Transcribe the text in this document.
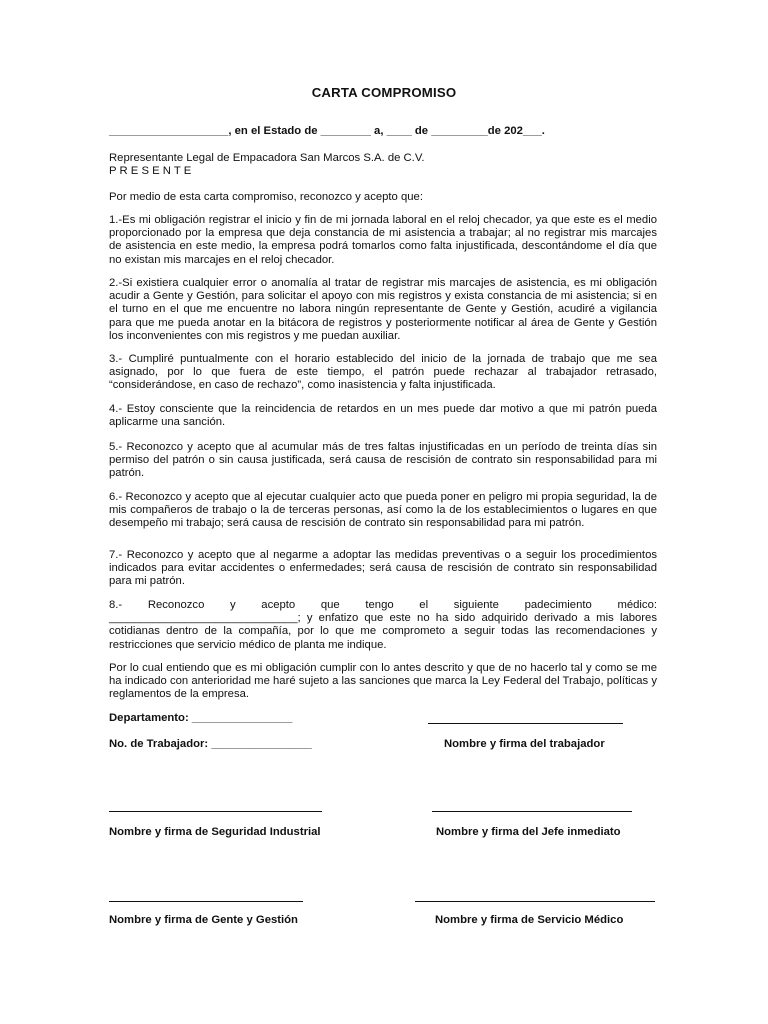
CARTA COMPROMISO
___________________, en el Estado de ________ a, ____ de _________de 202___.
Representante Legal de Empacadora San Marcos S.A. de C.V.
P R E S E N T E
Por medio de esta carta compromiso, reconozco y acepto que:
1.-Es mi obligación registrar el inicio y fin de mi jornada laboral en el reloj checador, ya que este es el medio proporcionado por la empresa que deja constancia de mi asistencia a trabajar; al no registrar mis marcajes de asistencia en este medio, la empresa podrá tomarlos como falta injustificada, descontándome el día que no existan mis marcajes en el reloj checador.
2.-Si existiera cualquier error o anomalía al tratar de registrar mis marcajes de asistencia, es mi obligación acudir a Gente y Gestión, para solicitar el apoyo con mis registros y exista constancia de mi asistencia; si en el turno en el que me encuentre no labora ningún representante de Gente y Gestión, acudiré a vigilancia para que me pueda anotar en la bitácora de registros y posteriormente notificar al área de Gente y Gestión los inconvenientes con mis registros y me puedan auxiliar.
3.- Cumpliré puntualmente con el horario establecido del inicio de la jornada de trabajo que me sea asignado, por lo que fuera de este tiempo, el patrón puede rechazar al trabajador retrasado, “considerándose, en caso de rechazo”, como inasistencia y falta injustificada.
4.- Estoy consciente que la reincidencia de retardos en un mes puede dar motivo a que mi patrón pueda aplicarme una sanción.
5.- Reconozco y acepto que al acumular más de tres faltas injustificadas en un período de treinta días sin permiso del patrón o sin causa justificada, será causa de rescisión de contrato sin responsabilidad para mi patrón.
6.- Reconozco y acepto que al ejecutar cualquier acto que pueda poner en peligro mi propia seguridad, la de mis compañeros de trabajo o la de terceras personas, así como la de los establecimientos o lugares en que desempeño mi trabajo; será causa de rescisión de contrato sin responsabilidad para mi patrón.
7.- Reconozco y acepto que al negarme a adoptar las medidas preventivas o a seguir los procedimientos indicados para evitar accidentes o enfermedades; será causa de rescisión de contrato sin responsabilidad para mi patrón.
8.- Reconozco y acepto que tengo el siguiente padecimiento médico:
______________________________; y enfatizo que este no ha sido adquirido derivado a mis labores cotidianas dentro de la compañía, por lo que me comprometo a seguir todas las recomendaciones y restricciones que servicio médico de planta me indique.
Por lo cual entiendo que es mi obligación cumplir con lo antes descrito y que de no hacerlo tal y como se me ha indicado con anterioridad me haré sujeto a las sanciones que marca la Ley Federal del Trabajo, políticas y reglamentos de la empresa.
Departamento: ________________
No. de Trabajador: ________________	Nombre y firma del trabajador
Nombre y firma de Seguridad Industrial	Nombre y firma del Jefe inmediato
Nombre y firma de Gente y Gestión	Nombre y firma de Servicio Médico
